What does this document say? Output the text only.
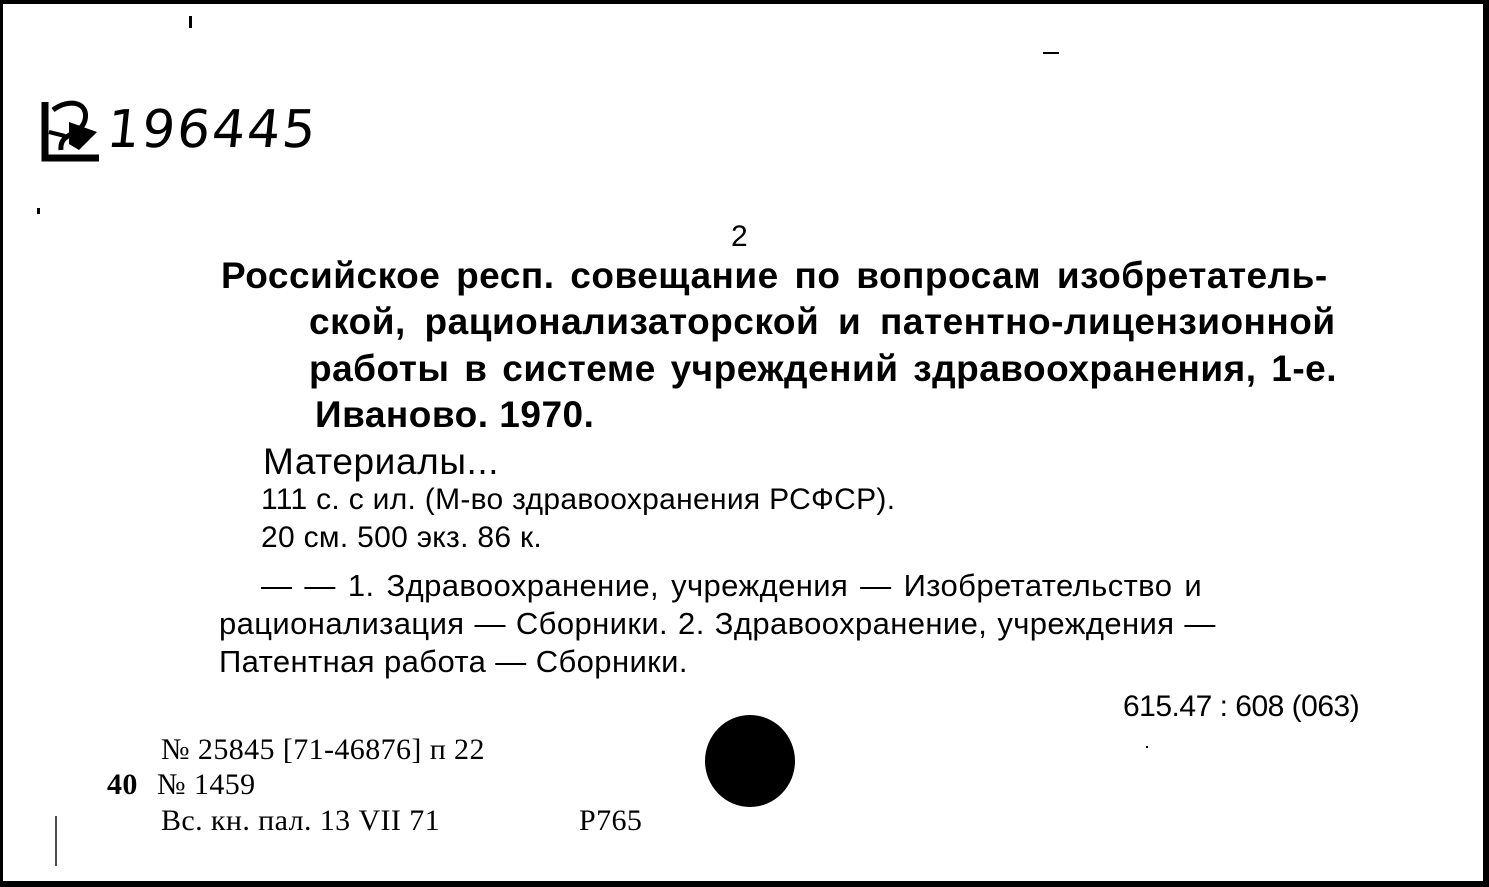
196445
2
Российское респ. совещание по вопросам изобретатель-
ской, рационализаторской и патентно-лицензионной
работы в системе учреждений здравоохранения, 1-е.
Иваново. 1970.
Материалы...
111 с. с ил. (М-во здравоохранения РСФСР).
20 см. 500 экз. 86 к.
— — 1. Здравоохранение, учреждения — Изобретательство и
рационализация — Сборники. 2. Здравоохранение, учреждения —
Патентная работа — Сборники.
615.47 : 608 (063)
№ 25845 [71-46876] п 22
40 № 1459
Вс. кн. пал. 13 VII 71	Р765
